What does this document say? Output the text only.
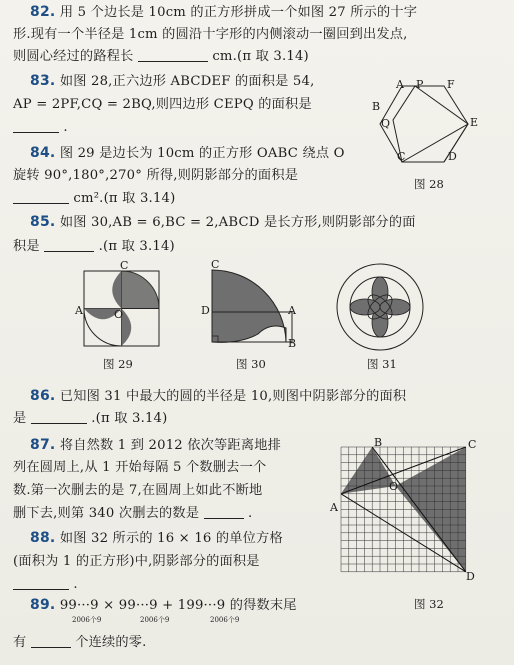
82. 用 5 个边长是 10cm 的正方形拼成一个如图 27 所示的十字
形.现有一个半径是 1cm 的圆沿十字形的内侧滚动一圈回到出发点,
则圆心经过的路程长	cm.(π 取 3.14)
83. 如图 28,正六边形 ABCDEF 的面积是 54,
AP = 2PF,CQ = 2BQ,则四边形 CEPQ 的面积是
.
84. 图 29 是边长为 10cm 的正方形 OABC 绕点 O
旋转 90°,180°,270° 所得,则阴影部分的面积是
cm².(π 取 3.14)
A P F
B
Q	E
C	D
图 28
85. 如图 30,AB = 6,BC = 2,ABCD 是长方形,则阴影部分的面
积是	.(π 取 3.14)
C
A	O
图 29
C
D	A
B
图 30	图 31
86. 已知图 31 中最大的圆的半径是 10,则图中阴影部分的面积
是	.(π 取 3.14)
87. 将自然数 1 到 2012 依次等距离地排
列在圆周上,从 1 开始每隔 5 个数删去一个
数.第一次删去的是 7,在圆周上如此不断地
删下去,则第 340 次删去的数是	.
88. 如图 32 所示的 16 × 16 的单位方格
(面积为 1 的正方形)中,阴影部分的面积是
.
B	C
O
A
D
图 32
89. 99···9 × 99···9 + 199···9 的得数末尾
2006个9	2006个9	2006个9
有	个连续的零.
